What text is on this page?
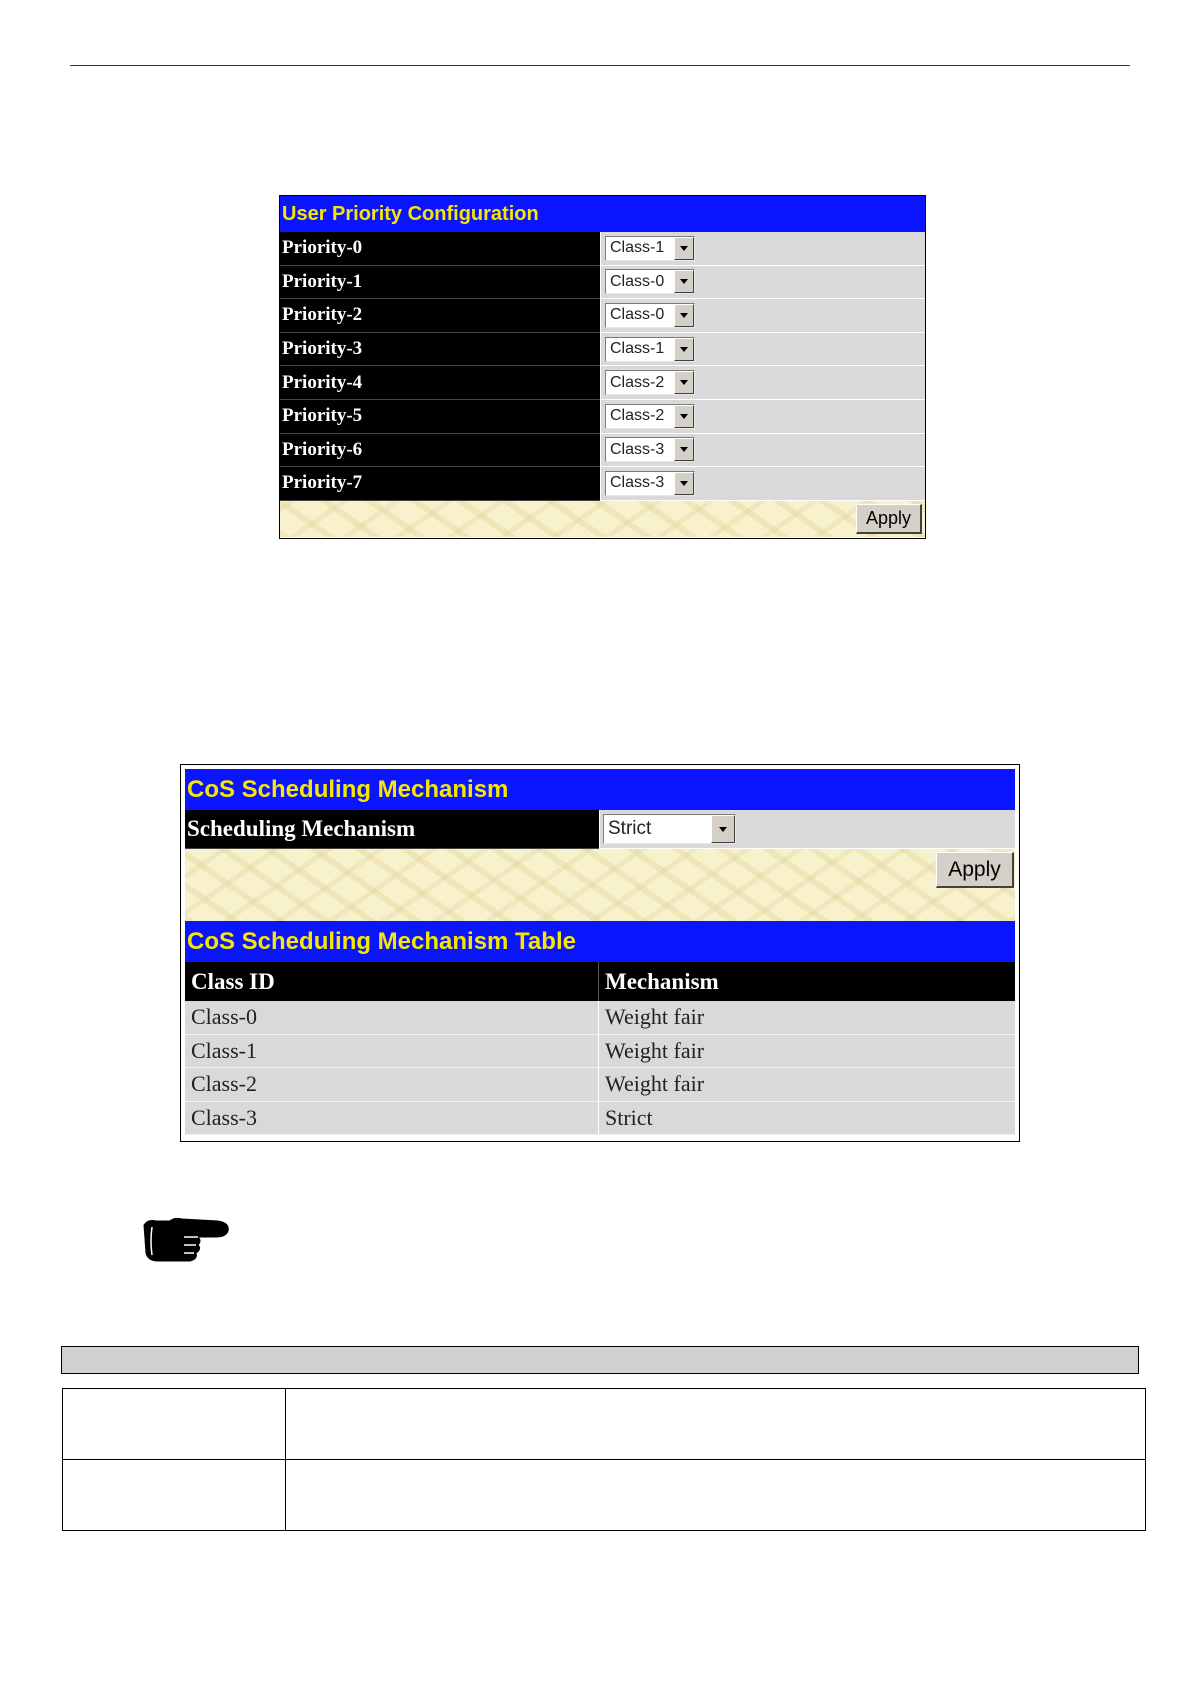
User Priority Configuration
Priority-0	Class-1
Priority-1	Class-0
Priority-2	Class-0
Priority-3	Class-1
Priority-4	Class-2
Priority-5	Class-2
Priority-6	Class-3
Priority-7	Class-3
Apply
CoS Scheduling Mechanism
Scheduling Mechanism	Strict
Apply
CoS Scheduling Mechanism Table
Class ID	Mechanism
Class-0	Weight fair
Class-1	Weight fair
Class-2	Weight fair
Class-3	Strict
